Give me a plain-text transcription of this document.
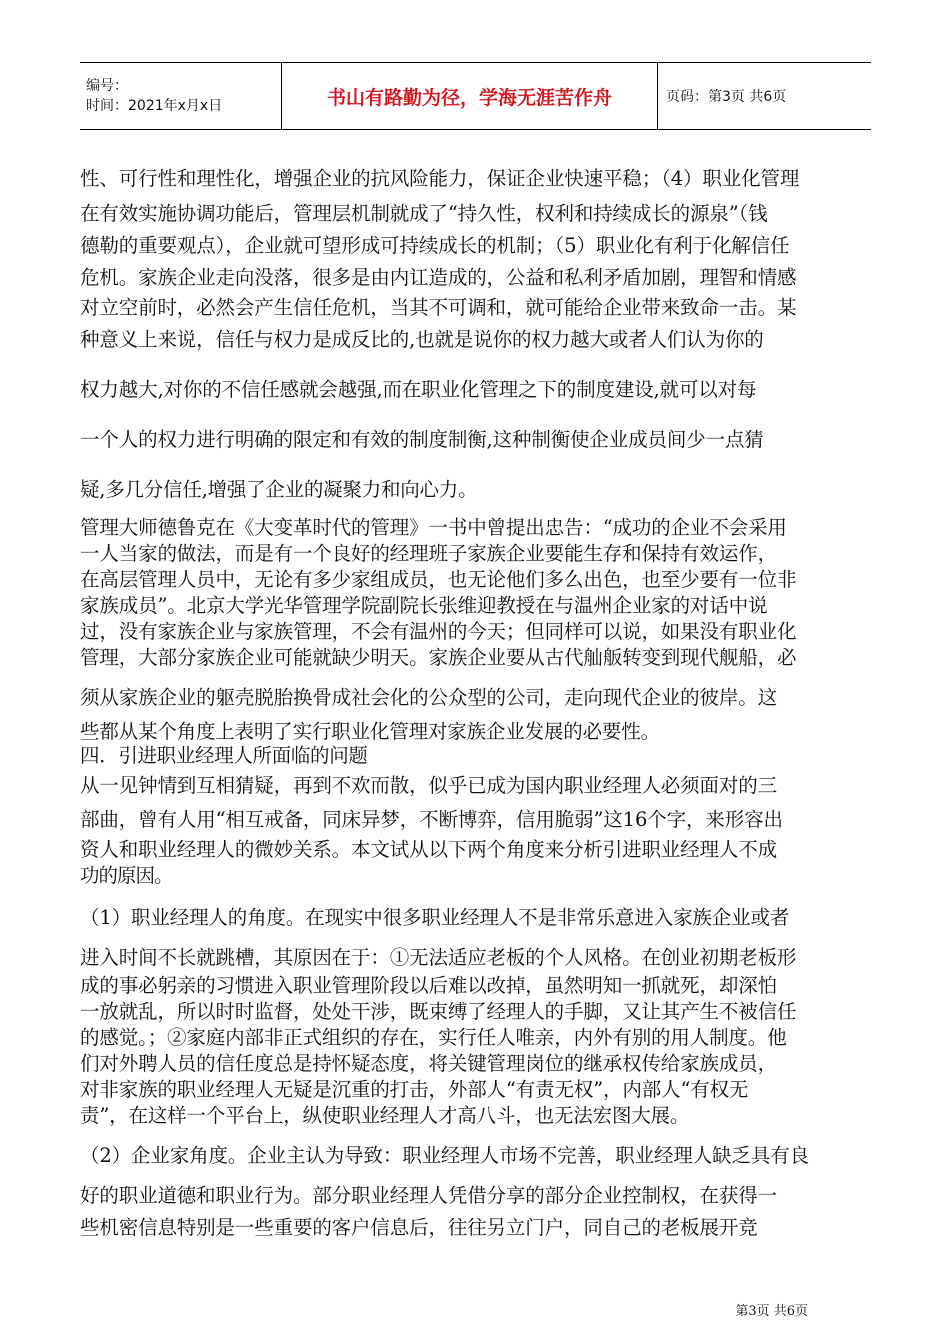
编号：
时间：2021年x月x日	书山有路勤为径，学海无涯苦作舟	页码：第3页 共6页
性、可行性和理性化，增强企业的抗风险能力，保证企业快速平稳；（4）职业化管理
在有效实施协调功能后，管理层机制就成了“持久性，权利和持续成长的源泉”（钱
德勒的重要观点），企业就可望形成可持续成长的机制；（5）职业化有利于化解信任
危机。家族企业走向没落，很多是由内讧造成的，公益和私利矛盾加剧，理智和情感
对立空前时，必然会产生信任危机，当其不可调和，就可能给企业带来致命一击。某
种意义上来说，信任与权力是成反比的,也就是说你的权力越大或者人们认为你的
权力越大,对你的不信任感就会越强,而在职业化管理之下的制度建设,就可以对每
一个人的权力进行明确的限定和有效的制度制衡,这种制衡使企业成员间少一点猜
疑,多几分信任,增强了企业的凝聚力和向心力。
管理大师德鲁克在《大变革时代的管理》一书中曾提出忠告：“成功的企业不会采用
一人当家的做法，而是有一个良好的经理班子家族企业要能生存和保持有效运作，
在高层管理人员中，无论有多少家组成员，也无论他们多么出色，也至少要有一位非
家族成员”。北京大学光华管理学院副院长张维迎教授在与温州企业家的对话中说
过，没有家族企业与家族管理，不会有温州的今天；但同样可以说，如果没有职业化
管理，大部分家族企业可能就缺少明天。家族企业要从古代舢舨转变到现代舰船，必
须从家族企业的躯壳脱胎换骨成社会化的公众型的公司，走向现代企业的彼岸。这
些都从某个角度上表明了实行职业化管理对家族企业发展的必要性。
四．引进职业经理人所面临的问题
从一见钟情到互相猜疑，再到不欢而散，似乎已成为国内职业经理人必须面对的三
部曲，曾有人用“相互戒备，同床异梦，不断博弈，信用脆弱”这16个字，来形容出
资人和职业经理人的微妙关系。本文试从以下两个角度来分析引进职业经理人不成
功的原因。
（1）职业经理人的角度。在现实中很多职业经理人不是非常乐意进入家族企业或者
进入时间不长就跳槽，其原因在于：①无法适应老板的个人风格。在创业初期老板形
成的事必躬亲的习惯进入职业管理阶段以后难以改掉，虽然明知一抓就死，却深怕
一放就乱，所以时时监督，处处干涉，既束缚了经理人的手脚，又让其产生不被信任
的感觉。；②家庭内部非正式组织的存在，实行任人唯亲，内外有别的用人制度。他
们对外聘人员的信任度总是持怀疑态度，将关键管理岗位的继承权传给家族成员，
对非家族的职业经理人无疑是沉重的打击，外部人“有责无权”，内部人“有权无
责”，在这样一个平台上，纵使职业经理人才高八斗，也无法宏图大展。
（2）企业家角度。企业主认为导致：职业经理人市场不完善，职业经理人缺乏具有良
好的职业道德和职业行为。部分职业经理人凭借分享的部分企业控制权，在获得一
些机密信息特别是一些重要的客户信息后，往往另立门户，同自己的老板展开竞
第3页 共6页
